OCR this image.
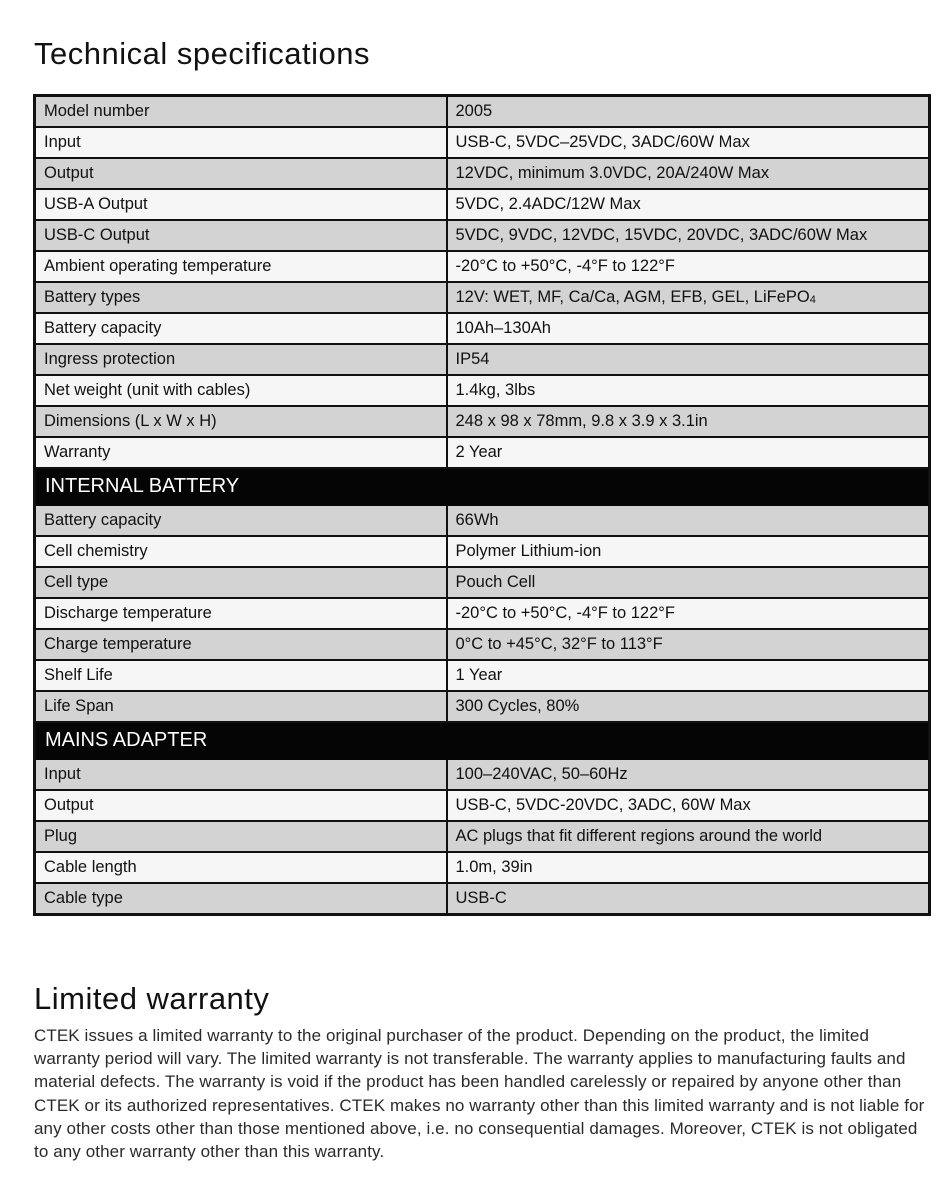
Technical specifications
Model number	2005
Input	USB-C, 5VDC–25VDC, 3ADC/60W Max
Output	12VDC, minimum 3.0VDC, 20A/240W Max
USB-A Output	5VDC, 2.4ADC/12W Max
USB-C Output	5VDC, 9VDC, 12VDC, 15VDC, 20VDC, 3ADC/60W Max
Ambient operating temperature	-20°C to +50°C, -4°F to 122°F
Battery types	12V: WET, MF, Ca/Ca, AGM, EFB, GEL, LiFePO4
Battery capacity	10Ah–130Ah
Ingress protection	IP54
Net weight (unit with cables)	1.4kg, 3lbs
Dimensions (L x W x H)	248 x 98 x 78mm, 9.8 x 3.9 x 3.1in
Warranty	2 Year
INTERNAL BATTERY	
Battery capacity	66Wh
Cell chemistry	Polymer Lithium-ion
Cell type	Pouch Cell
Discharge temperature	-20°C to +50°C, -4°F to 122°F
Charge temperature	0°C to +45°C, 32°F to 113°F
Shelf Life	1 Year
Life Span	300 Cycles, 80%
MAINS ADAPTER	
Input	100–240VAC, 50–60Hz
Output	USB-C, 5VDC-20VDC, 3ADC, 60W Max
Plug	AC plugs that fit different regions around the world
Cable length	1.0m, 39in
Cable type	USB-C
Limited warranty

CTEK issues a limited warranty to the original purchaser of the product. Depending on the product, the limited warranty period will vary. The limited warranty is not transferable. The warranty applies to manufacturing faults and material defects. The warranty is void if the product has been handled carelessly or repaired by anyone other than CTEK or its authorized representatives. CTEK makes no warranty other than this limited warranty and is not liable for any other costs other than those mentioned above, i.e. no consequential damages. Moreover, CTEK is not obligated to any other warranty other than this warranty.
